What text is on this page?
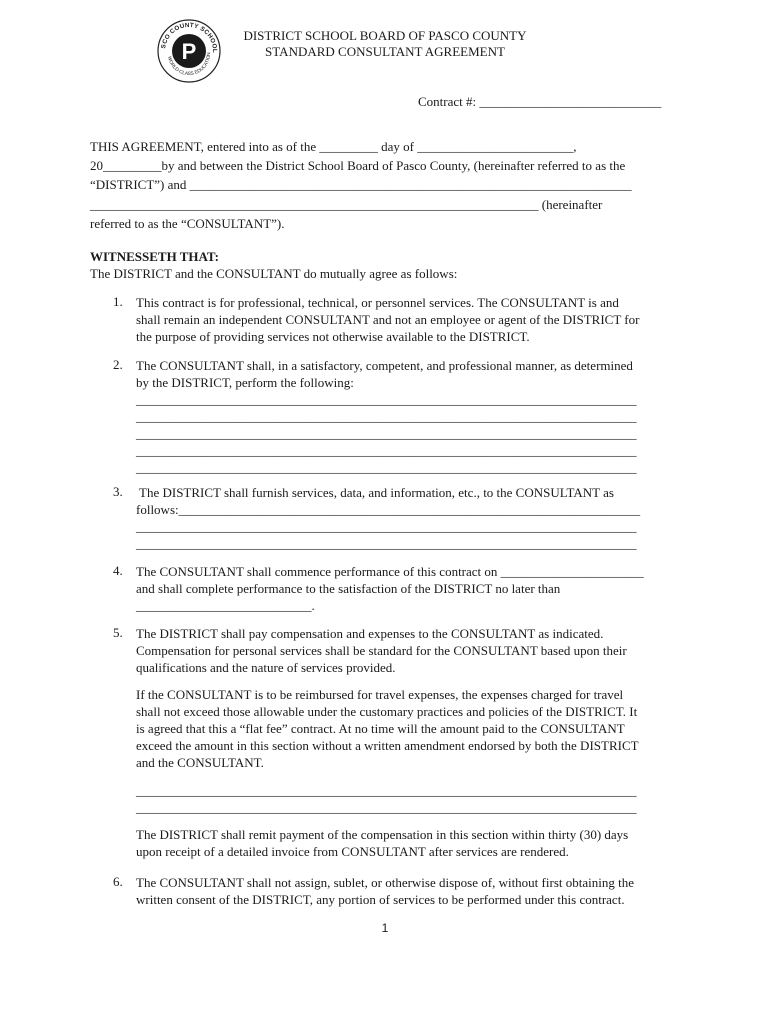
SCO COUNTY SCHOOL
WORLD-CLASS EDUCATION
P
DISTRICT SCHOOL BOARD OF PASCO COUNTY
STANDARD CONSULTANT AGREEMENT
Contract #: ____________________________
THIS AGREEMENT, entered into as of the _________ day of ________________________,
20_________by and between the District School Board of Pasco County, (hereinafter referred to as the
“DISTRICT”) and ____________________________________________________________________
_____________________________________________________________________ (hereinafter
referred to as the “CONSULTANT”).
WITNESSETH THAT:
The DISTRICT and the CONSULTANT do mutually agree as follows:
1. This contract is for professional, technical, or personnel services. The CONSULTANT is and
shall remain an independent CONSULTANT and not an employee or agent of the DISTRICT for
the purpose of providing services not otherwise available to the DISTRICT.
2. The CONSULTANT shall, in a satisfactory, competent, and professional manner, as determined
by the DISTRICT, perform the following:
_____________________________________________________________________________
_____________________________________________________________________________
_____________________________________________________________________________
_____________________________________________________________________________
_____________________________________________________________________________
3. The DISTRICT shall furnish services, data, and information, etc., to the CONSULTANT as
follows:_______________________________________________________________________
_____________________________________________________________________________
_____________________________________________________________________________
4. The CONSULTANT shall commence performance of this contract on ______________________
and shall complete performance to the satisfaction of the DISTRICT no later than
___________________________.
5. The DISTRICT shall pay compensation and expenses to the CONSULTANT as indicated.
Compensation for personal services shall be standard for the CONSULTANT based upon their
qualifications and the nature of services provided.
If the CONSULTANT is to be reimbursed for travel expenses, the expenses charged for travel
shall not exceed those allowable under the customary practices and policies of the DISTRICT. It
is agreed that this a “flat fee” contract. At no time will the amount paid to the CONSULTANT
exceed the amount in this section without a written amendment endorsed by both the DISTRICT
and the CONSULTANT.
_____________________________________________________________________________
_____________________________________________________________________________
The DISTRICT shall remit payment of the compensation in this section within thirty (30) days
upon receipt of a detailed invoice from CONSULTANT after services are rendered.
6. The CONSULTANT shall not assign, sublet, or otherwise dispose of, without first obtaining the
written consent of the DISTRICT, any portion of services to be performed under this contract.
1
